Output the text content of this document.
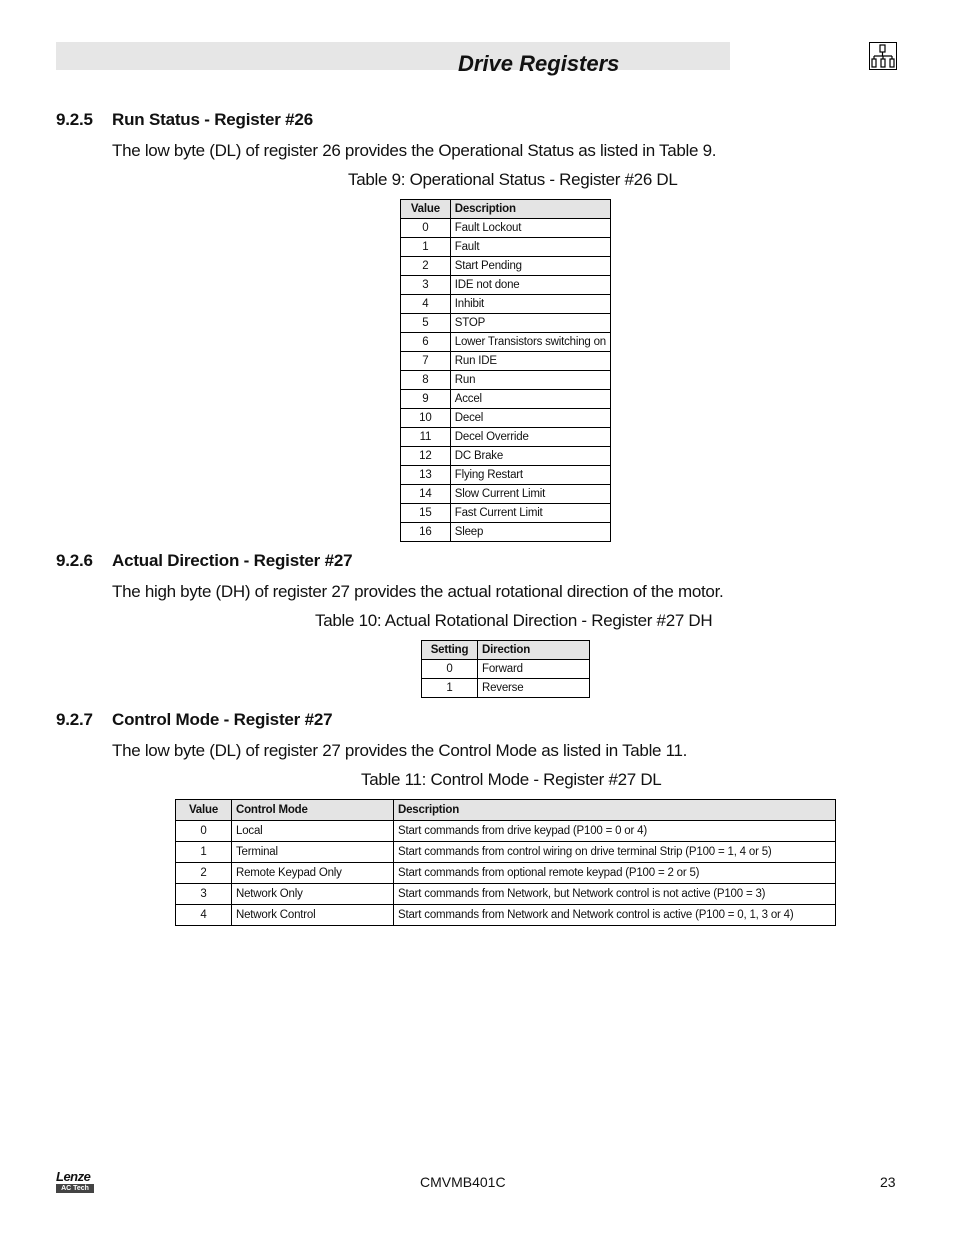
Drive Registers
9.2.5 Run Status - Register #26
The low byte (DL) of register 26 provides the Operational Status as listed in Table 9.
Table 9: Operational Status - Register #26 DL
Value	Description
0	Fault Lockout
1	Fault
2	Start Pending
3	IDE not done
4	Inhibit
5	STOP
6	Lower Transistors switching on
7	Run IDE
8	Run
9	Accel
10	Decel
11	Decel Override
12	DC Brake
13	Flying Restart
14	Slow Current Limit
15	Fast Current Limit
16	Sleep
9.2.6 Actual Direction - Register #27
The high byte (DH) of register 27 provides the actual rotational direction of the motor.
Table 10: Actual Rotational Direction - Register #27 DH
Setting	Direction
0	Forward
1	Reverse
9.2.7 Control Mode - Register #27
The low byte (DL) of register 27 provides the Control Mode as listed in Table 11.
Table 11: Control Mode - Register #27 DL
Value	Control Mode	Description
0	Local	Start commands from drive keypad (P100 = 0 or 4)
1	Terminal	Start commands from control wiring on drive terminal Strip (P100 = 1, 4 or 5)
2	Remote Keypad Only	Start commands from optional remote keypad (P100 = 2 or 5)
3	Network Only	Start commands from Network, but Network control is not active (P100 = 3)
4	Network Control	Start commands from Network and Network control is active (P100 = 0, 1, 3 or 4)
Lenze
AC Tech	CMVMB401C	23
